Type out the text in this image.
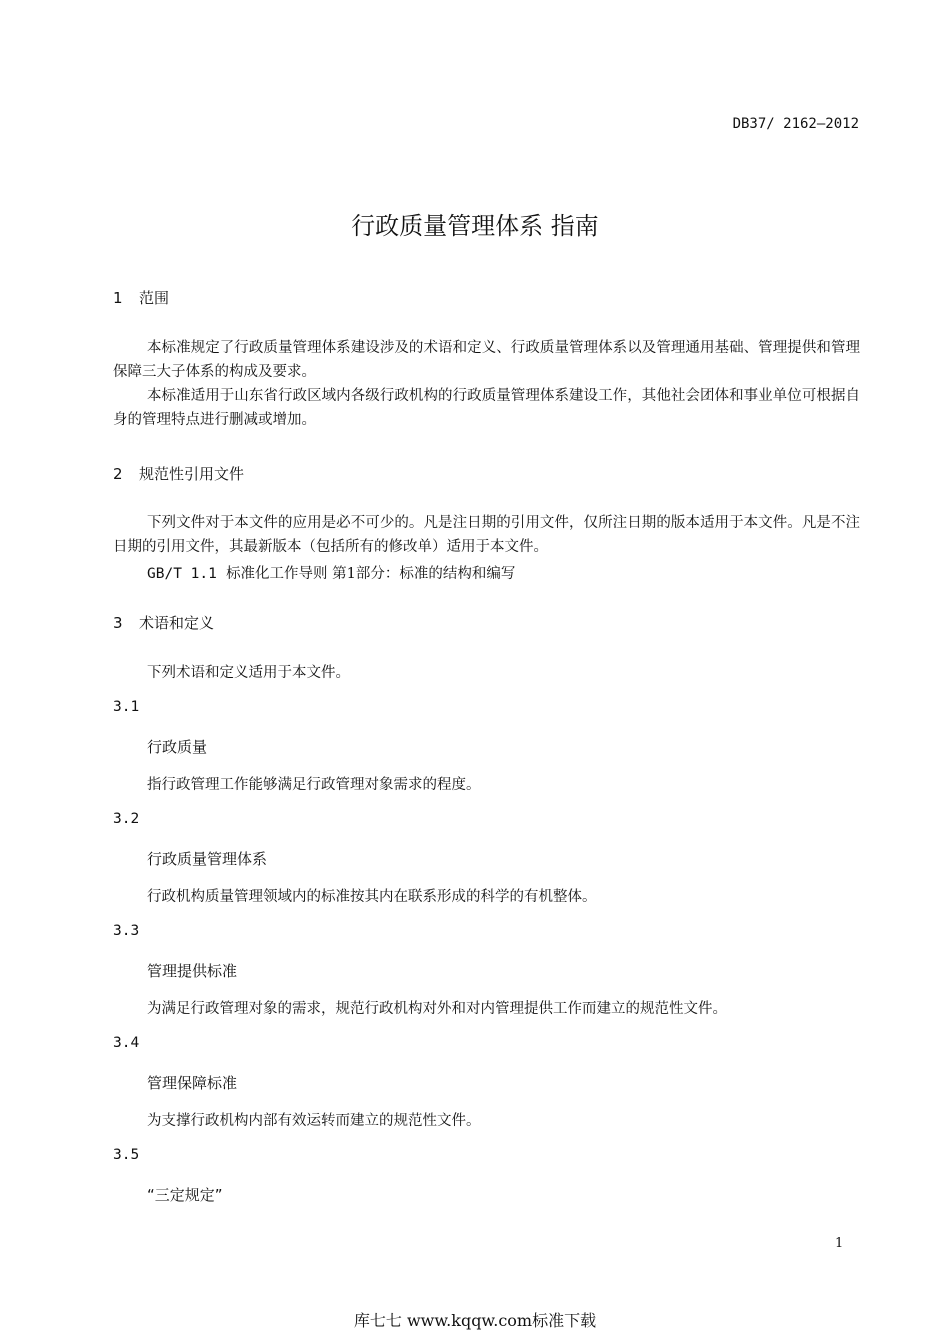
DB37/ 2162—2012
行政质量管理体系 指南
1 范围
本标准规定了行政质量管理体系建设涉及的术语和定义、行政质量管理体系以及管理通用基础、管理提供和管理保障三大子体系的构成及要求。
本标准适用于山东省行政区域内各级行政机构的行政质量管理体系建设工作，其他社会团体和事业单位可根据自身的管理特点进行删减或增加。
2 规范性引用文件
下列文件对于本文件的应用是必不可少的。凡是注日期的引用文件，仅所注日期的版本适用于本文件。凡是不注日期的引用文件，其最新版本（包括所有的修改单）适用于本文件。
GB/T 1.1 标准化工作导则 第1部分：标准的结构和编写
3 术语和定义
下列术语和定义适用于本文件。
3.1
行政质量
指行政管理工作能够满足行政管理对象需求的程度。
3.2
行政质量管理体系
行政机构质量管理领域内的标准按其内在联系形成的科学的有机整体。
3.3
管理提供标准
为满足行政管理对象的需求，规范行政机构对外和对内管理提供工作而建立的规范性文件。
3.4
管理保障标准
为支撑行政机构内部有效运转而建立的规范性文件。
3.5
“三定规定”
1
库七七 www.kqqw.com标准下载
